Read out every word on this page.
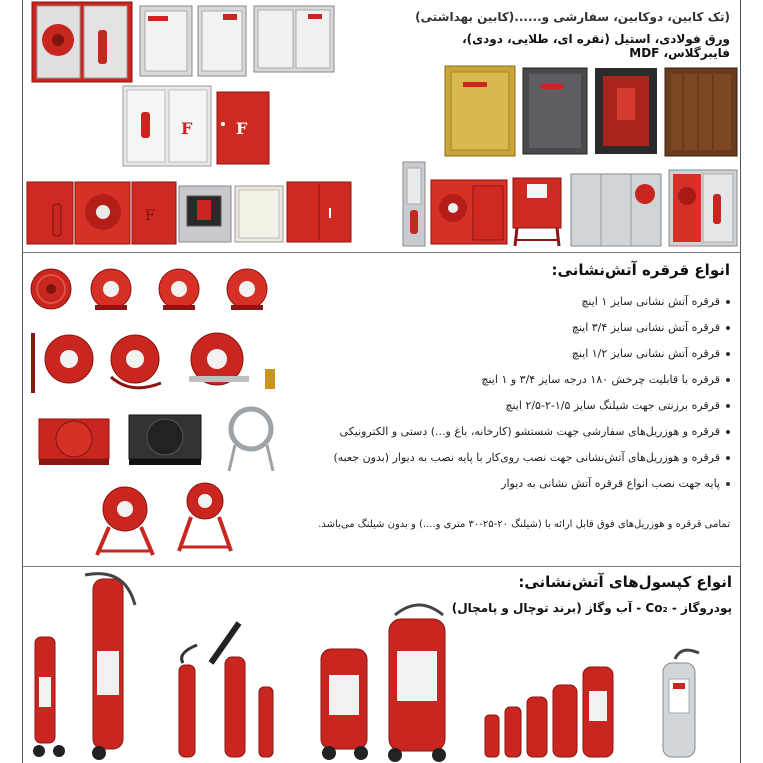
(تک کابین، دوکابین، سفارشی و......(کابین بهداشتی)
ورق فولادی، استیل (نقره ای، طلایی، دودی)، فایبرگلاس، MDF
F	F
F
انواع قرقره آتش‌نشانی:
قرقره آتش نشانی سایز ۱ اینچ
قرقره آتش نشانی سایز ۳/۴ اینچ
قرقره آتش نشانی سایز ۱/۲ اینچ
قرقره با قابلیت چرخش ۱۸۰ درجه سایز ۳/۴ و ۱ اینچ
قرقره برزنتی جهت شیلنگ سایز ۱/۵-۲-۲/۵ اینچ
قرقره و هوزریل‌های سفارشی جهت شستشو (کارخانه، باغ و...) دستی و الکترونیکی
قرقره و هوزریل‌های آتش‌نشانی جهت نصب روی‌کار با پایه نصب به دیوار (بدون جعبه)
پایه جهت نصب انواع قرقره آتش نشانی به دیوار
تمامی قرقره و هوزریل‌های فوق قابل ارائه با (شیلنگ ۲۰-۲۵-۳۰ متری و....) و بدون شیلنگ می‌باشد.
انواع کپسول‌های آتش‌نشانی:
پودروگاز - Co₂ - آب وگاز (برند توچال و پامچال)
